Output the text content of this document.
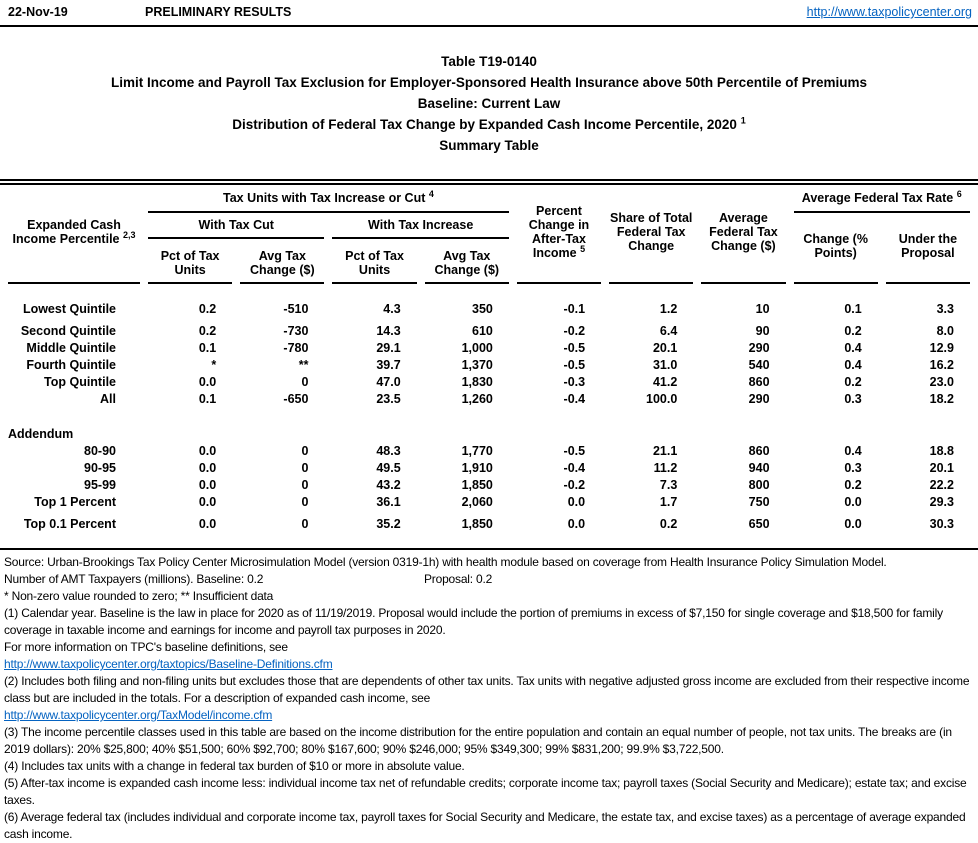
22-Nov-19	PRELIMINARY RESULTS	http://www.taxpolicycenter.org
Table T19-0140
Limit Income and Payroll Tax Exclusion for Employer-Sponsored Health Insurance above 50th Percentile of Premiums
Baseline: Current Law
Distribution of Federal Tax Change by Expanded Cash Income Percentile, 2020 $^1$
Summary Table
Expanded Cash Income Percentile $^{2,3}$	Tax Units with Tax Increase or Cut $^4$				Percent Change in After-Tax Income $^5$	Share of Total Federal Tax Change	Average Federal Tax Change ($)	Average Federal Tax Rate $^6$
	With Tax Cut		With Tax Increase					Change (% Points)	Under the Proposal
	Pct of Tax Units	Avg Tax Change ($)	Pct of Tax Units	Avg Tax Change ($)					
Lowest Quintile	0.2	-510	4.3	350	-0.1	1.2	10	0.1	3.3
Second Quintile	0.2	-730	14.3	610	-0.2	6.4	90	0.2	8.0
Middle Quintile	0.1	-780	29.1	1,000	-0.5	20.1	290	0.4	12.9
Fourth Quintile	*	**	39.7	1,370	-0.5	31.0	540	0.4	16.2
Top Quintile	0.0	0	47.0	1,830	-0.3	41.2	860	0.2	23.0
All	0.1	-650	23.5	1,260	-0.4	100.0	290	0.3	18.2

Addendum									
80-90	0.0	0	48.3	1,770	-0.5	21.1	860	0.4	18.8
90-95	0.0	0	49.5	1,910	-0.4	11.2	940	0.3	20.1
95-99	0.0	0	43.2	1,850	-0.2	7.3	800	0.2	22.2
Top 1 Percent	0.0	0	36.1	2,060	0.0	1.7	750	0.0	29.3
Top 0.1 Percent	0.0	0	35.2	1,850	0.0	0.2	650	0.0	30.3

Source: Urban-Brookings Tax Policy Center Microsimulation Model (version 0319-1h) with health module based on coverage from Health Insurance Policy Simulation Model.

Number of AMT Taxpayers (millions). Baseline: 0.2	Proposal: 0.2

* Non-zero value rounded to zero; ** Insufficient data

(1) Calendar year. Baseline is the law in place for 2020 as of 11/19/2019. Proposal would include the portion of premiums in excess of $7,150 for single coverage and $18,500 for family coverage in taxable income and earnings for income and payroll tax purposes in 2020.

For more information on TPC's baseline definitions, see

http://www.taxpolicycenter.org/taxtopics/Baseline-Definitions.cfm

(2) Includes both filing and non-filing units but excludes those that are dependents of other tax units. Tax units with negative adjusted gross income are excluded from their respective income class but are included in the totals. For a description of expanded cash income, see

http://www.taxpolicycenter.org/TaxModel/income.cfm

(3) The income percentile classes used in this table are based on the income distribution for the entire population and contain an equal number of people, not tax units. The breaks are (in 2019 dollars): 20% $25,800; 40% $51,500; 60% $92,700; 80% $167,600; 90% $246,000; 95% $349,300; 99% $831,200; 99.9% $3,722,500.

(4) Includes tax units with a change in federal tax burden of $10 or more in absolute value.

(5) After-tax income is expanded cash income less: individual income tax net of refundable credits; corporate income tax; payroll taxes (Social Security and Medicare); estate tax; and excise taxes.

(6) Average federal tax (includes individual and corporate income tax, payroll taxes for Social Security and Medicare, the estate tax, and excise taxes) as a percentage of average expanded cash income.
